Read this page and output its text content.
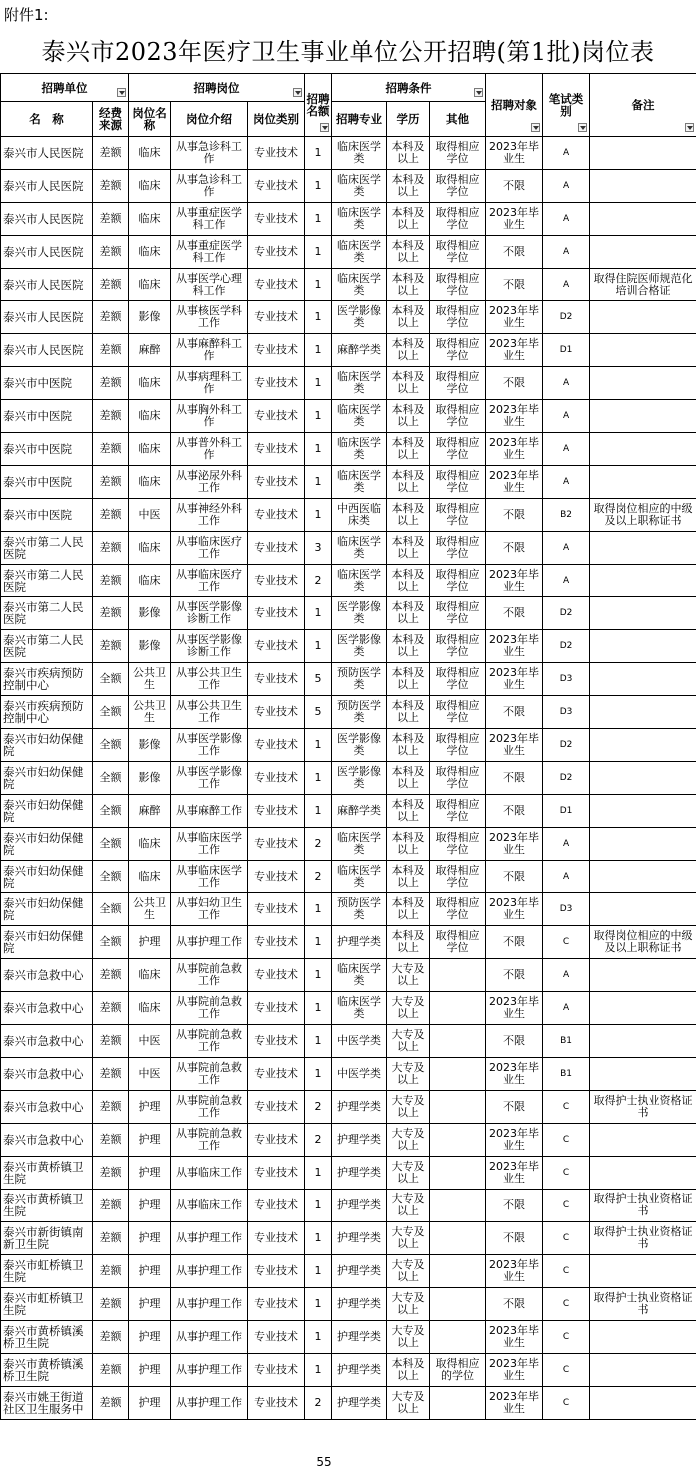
附件1:
泰兴市2023年医疗卫生事业单位公开招聘(第1批)岗位表
招聘单位		招聘岗位			招聘名额	招聘条件			招聘对象	笔试类别	备注

名　称	经费来源	岗位名称	岗位介绍	岗位类别		招聘专业	学历	其他			
泰兴市人民医院	差额	临床	从事急诊科工作	专业技术	1	临床医学类	本科及以上	取得相应学位	2023年毕业生	A	
泰兴市人民医院	差额	临床	从事急诊科工作	专业技术	1	临床医学类	本科及以上	取得相应学位	不限	A	
泰兴市人民医院	差额	临床	从事重症医学科工作	专业技术	1	临床医学类	本科及以上	取得相应学位	2023年毕业生	A	
泰兴市人民医院	差额	临床	从事重症医学科工作	专业技术	1	临床医学类	本科及以上	取得相应学位	不限	A	
泰兴市人民医院	差额	临床	从事医学心理科工作	专业技术	1	临床医学类	本科及以上	取得相应学位	不限	A	取得住院医师规范化培训合格证
泰兴市人民医院	差额	影像	从事核医学科工作	专业技术	1	医学影像类	本科及以上	取得相应学位	2023年毕业生	D2	
泰兴市人民医院	差额	麻醉	从事麻醉科工作	专业技术	1	麻醉学类	本科及以上	取得相应学位	2023年毕业生	D1	
泰兴市中医院	差额	临床	从事病理科工作	专业技术	1	临床医学类	本科及以上	取得相应学位	不限	A	
泰兴市中医院	差额	临床	从事胸外科工作	专业技术	1	临床医学类	本科及以上	取得相应学位	2023年毕业生	A	
泰兴市中医院	差额	临床	从事普外科工作	专业技术	1	临床医学类	本科及以上	取得相应学位	2023年毕业生	A	
泰兴市中医院	差额	临床	从事泌尿外科工作	专业技术	1	临床医学类	本科及以上	取得相应学位	2023年毕业生	A	
泰兴市中医院	差额	中医	从事神经外科工作	专业技术	1	中西医临床类	本科及以上	取得相应学位	不限	B2	取得岗位相应的中级及以上职称证书
泰兴市第二人民医院	差额	临床	从事临床医疗工作	专业技术	3	临床医学类	本科及以上	取得相应学位	不限	A	
泰兴市第二人民医院	差额	临床	从事临床医疗工作	专业技术	2	临床医学类	本科及以上	取得相应学位	2023年毕业生	A	
泰兴市第二人民医院	差额	影像	从事医学影像诊断工作	专业技术	1	医学影像类	本科及以上	取得相应学位	不限	D2	
泰兴市第二人民医院	差额	影像	从事医学影像诊断工作	专业技术	1	医学影像类	本科及以上	取得相应学位	2023年毕业生	D2	
泰兴市疾病预防控制中心	全额	公共卫生	从事公共卫生工作	专业技术	5	预防医学类	本科及以上	取得相应学位	2023年毕业生	D3	
泰兴市疾病预防控制中心	全额	公共卫生	从事公共卫生工作	专业技术	5	预防医学类	本科及以上	取得相应学位	不限	D3	
泰兴市妇幼保健院	全额	影像	从事医学影像工作	专业技术	1	医学影像类	本科及以上	取得相应学位	2023年毕业生	D2	
泰兴市妇幼保健院	全额	影像	从事医学影像工作	专业技术	1	医学影像类	本科及以上	取得相应学位	不限	D2	
泰兴市妇幼保健院	全额	麻醉	从事麻醉工作	专业技术	1	麻醉学类	本科及以上	取得相应学位	不限	D1	
泰兴市妇幼保健院	全额	临床	从事临床医学工作	专业技术	2	临床医学类	本科及以上	取得相应学位	2023年毕业生	A	
泰兴市妇幼保健院	全额	临床	从事临床医学工作	专业技术	2	临床医学类	本科及以上	取得相应学位	不限	A	
泰兴市妇幼保健院	全额	公共卫生	从事妇幼卫生工作	专业技术	1	预防医学类	本科及以上	取得相应学位	2023年毕业生	D3	
泰兴市妇幼保健院	全额	护理	从事护理工作	专业技术	1	护理学类	本科及以上	取得相应学位	不限	C	取得岗位相应的中级及以上职称证书
泰兴市急救中心	差额	临床	从事院前急救工作	专业技术	1	临床医学类	大专及以上		不限	A	
泰兴市急救中心	差额	临床	从事院前急救工作	专业技术	1	临床医学类	大专及以上		2023年毕业生	A	
泰兴市急救中心	差额	中医	从事院前急救工作	专业技术	1	中医学类	大专及以上		不限	B1	
泰兴市急救中心	差额	中医	从事院前急救工作	专业技术	1	中医学类	大专及以上		2023年毕业生	B1	
泰兴市急救中心	差额	护理	从事院前急救工作	专业技术	2	护理学类	大专及以上		不限	C	取得护士执业资格证书
泰兴市急救中心	差额	护理	从事院前急救工作	专业技术	2	护理学类	大专及以上		2023年毕业生	C	
泰兴市黄桥镇卫生院	差额	护理	从事临床工作	专业技术	1	护理学类	大专及以上		2023年毕业生	C	
泰兴市黄桥镇卫生院	差额	护理	从事临床工作	专业技术	1	护理学类	大专及以上		不限	C	取得护士执业资格证书
泰兴市新街镇南新卫生院	差额	护理	从事护理工作	专业技术	1	护理学类	大专及以上		不限	C	取得护士执业资格证书
泰兴市虹桥镇卫生院	差额	护理	从事护理工作	专业技术	1	护理学类	大专及以上		2023年毕业生	C	
泰兴市虹桥镇卫生院	差额	护理	从事护理工作	专业技术	1	护理学类	大专及以上		不限	C	取得护士执业资格证书
泰兴市黄桥镇溪桥卫生院	差额	护理	从事护理工作	专业技术	1	护理学类	大专及以上		2023年毕业生	C	
泰兴市黄桥镇溪桥卫生院	差额	护理	从事护理工作	专业技术	1	护理学类	本科及以上	取得相应的学位	2023年毕业生	C	
泰兴市姚王街道社区卫生服务中	差额	护理	从事护理工作	专业技术	2	护理学类	大专及以上		2023年毕业生	C	
55
